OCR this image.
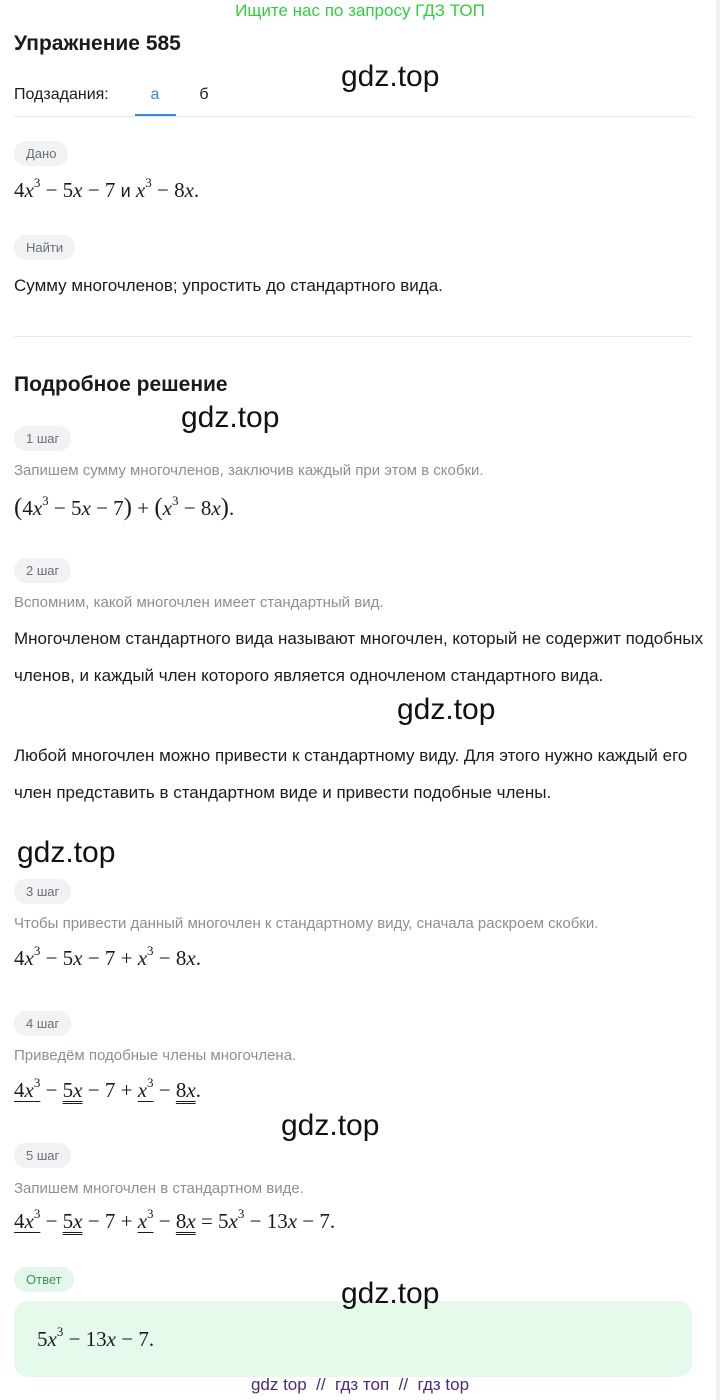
Ищите нас по запросу ГДЗ ТОП
Упражнение 585
gdz.top
Подзадания:	а	б
Дано
$4x^3 - 5x - 7$ и $x^3 - 8x$.
Найти
Сумму многочленов; упростить до стандартного вида.
Подробное решение
gdz.top
1 шаг
Запишем сумму многочленов, заключив каждый при этом в скобки.
$(4x^3 - 5x - 7) + (x^3 - 8x)$.
2 шаг
Вспомним, какой многочлен имеет стандартный вид.
Многочленом стандартного вида называют многочлен, который не содержит подобных членов, и каждый член которого является одночленом стандартного вида.
gdz.top
Любой многочлен можно привести к стандартному виду. Для этого нужно каждый его член представить в стандартном виде и привести подобные члены.
gdz.top
3 шаг
Чтобы привести данный многочлен к стандартному виду, сначала раскроем скобки.
$4x^3 - 5x - 7 + x^3 - 8x$.
4 шаг
Приведём подобные члены многочлена.
$4x^3 - 5x - 7 + x^3 - 8x$.
gdz.top
5 шаг
Запишем многочлен в стандартном виде.
$4x^3 - 5x - 7 + x^3 - 8x = 5x^3 - 13x - 7$.
Ответ	gdz.top
$5x^3 - 13x - 7$.
gdz top  //  гдз топ  //  гдз top
